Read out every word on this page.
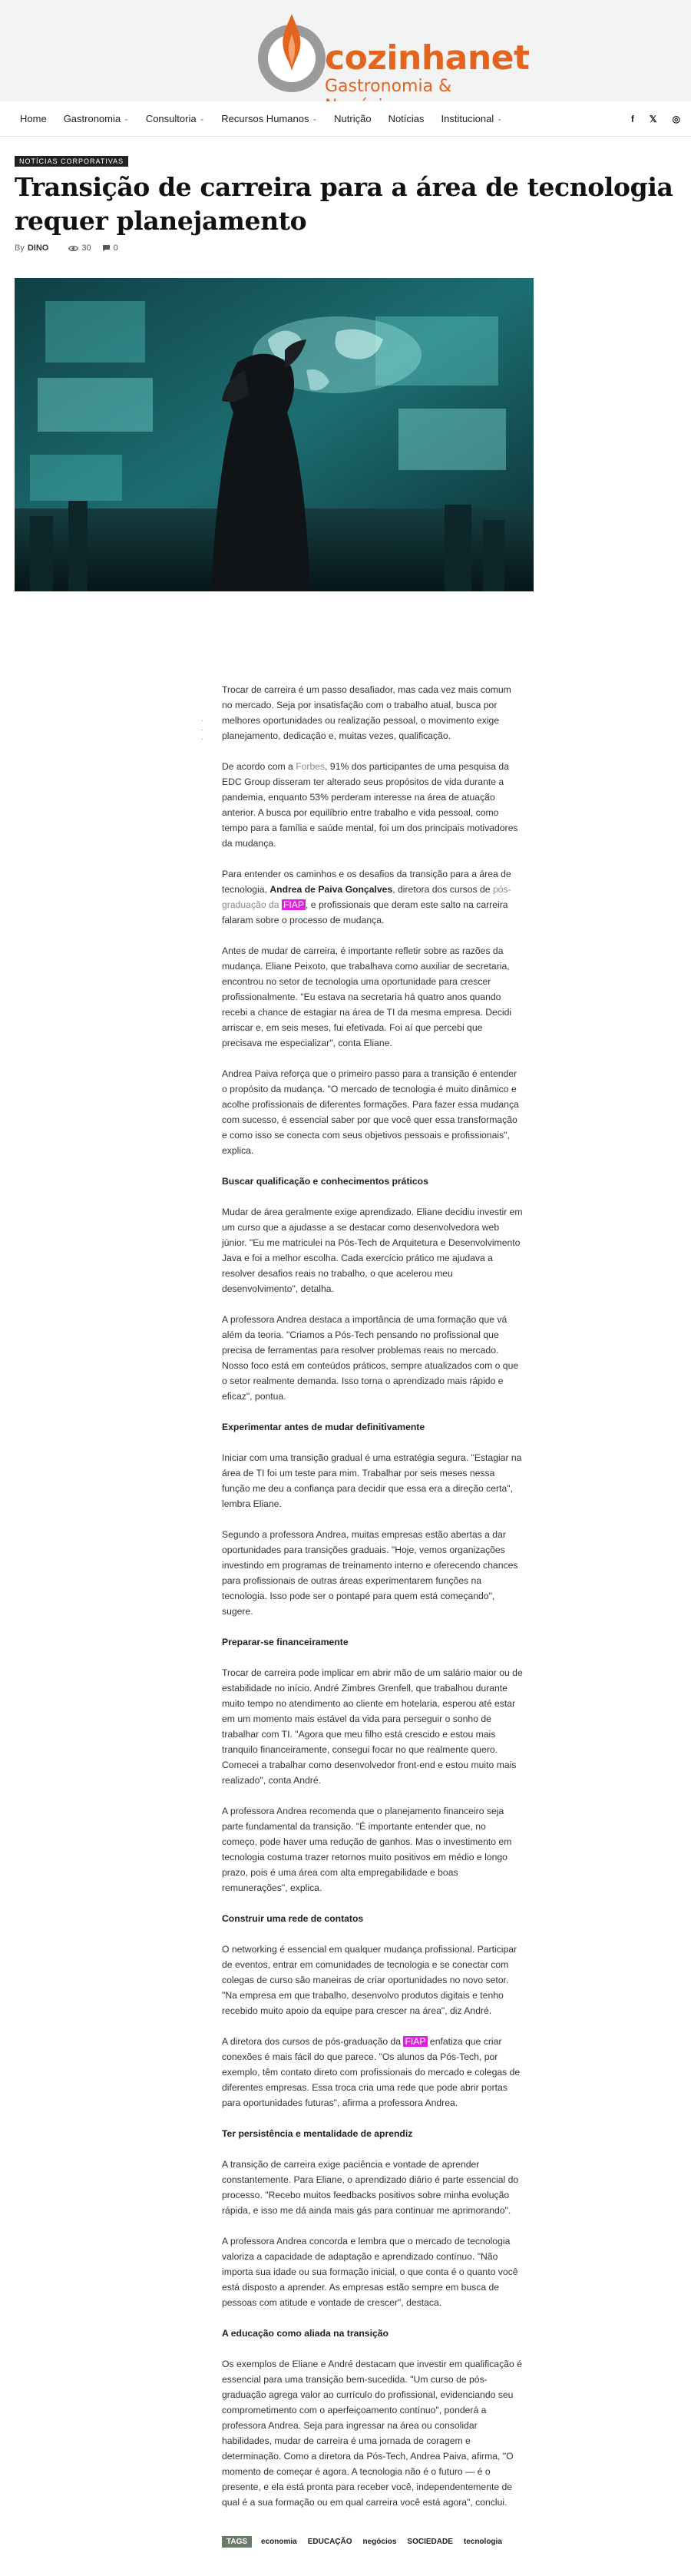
cozinhanet
Gastronomia &
Home Gastronomia ⌄ Consultoria ⌄ Recursos Humanos ⌄ Nutrição Notícias Institucional ⌄	f 𝕏 ◎
NOTÍCIAS CORPORATIVAS
Transição de carreira para a área de tecnologia requer planejamento
By DINO	30	0
·
·
·

Trocar de carreira é um passo desafiador, mas cada vez mais comum no mercado. Seja por insatisfação com o trabalho atual, busca por melhores oportunidades ou realização pessoal, o movimento exige planejamento, dedicação e, muitas vezes, qualificação.

De acordo com a Forbes, 91% dos participantes de uma pesquisa da EDC Group disseram ter alterado seus propósitos de vida durante a pandemia, enquanto 53% perderam interesse na área de atuação anterior. A busca por equilíbrio entre trabalho e vida pessoal, como tempo para a família e saúde mental, foi um dos principais motivadores da mudança.

Para entender os caminhos e os desafios da transição para a área de tecnologia, Andrea de Paiva Gonçalves, diretora dos cursos de pós-graduação da FIAP , e profissionais que deram este salto na carreira falaram sobre o processo de mudança.

Antes de mudar de carreira, é importante refletir sobre as razões da mudança. Eliane Peixoto, que trabalhava como auxiliar de secretaria, encontrou no setor de tecnologia uma oportunidade para crescer profissionalmente. "Eu estava na secretaria há quatro anos quando recebi a chance de estagiar na área de TI da mesma empresa. Decidi arriscar e, em seis meses, fui efetivada. Foi aí que percebi que precisava me especializar", conta Eliane.

Andrea Paiva reforça que o primeiro passo para a transição é entender o propósito da mudança. "O mercado de tecnologia é muito dinâmico e acolhe profissionais de diferentes formações. Para fazer essa mudança com sucesso, é essencial saber por que você quer essa transformação e como isso se conecta com seus objetivos pessoais e profissionais", explica.

Buscar qualificação e conhecimentos práticos

Mudar de área geralmente exige aprendizado. Eliane decidiu investir em um curso que a ajudasse a se destacar como desenvolvedora web júnior. "Eu me matriculei na Pós-Tech de Arquitetura e Desenvolvimento Java e foi a melhor escolha. Cada exercício prático me ajudava a resolver desafios reais no trabalho, o que acelerou meu desenvolvimento", detalha.

A professora Andrea destaca a importância de uma formação que vá além da teoria. "Criamos a Pós-Tech pensando no profissional que precisa de ferramentas para resolver problemas reais no mercado. Nosso foco está em conteúdos práticos, sempre atualizados com o que o setor realmente demanda. Isso torna o aprendizado mais rápido e eficaz", pontua.

Experimentar antes de mudar definitivamente

Iniciar com uma transição gradual é uma estratégia segura. "Estagiar na área de TI foi um teste para mim. Trabalhar por seis meses nessa função me deu a confiança para decidir que essa era a direção certa", lembra Eliane.

Segundo a professora Andrea, muitas empresas estão abertas a dar oportunidades para transições graduais. "Hoje, vemos organizações investindo em programas de treinamento interno e oferecendo chances para profissionais de outras áreas experimentarem funções na tecnologia. Isso pode ser o pontapé para quem está começando", sugere.

Preparar-se financeiramente

Trocar de carreira pode implicar em abrir mão de um salário maior ou de estabilidade no início. André Zimbres Grenfell, que trabalhou durante muito tempo no atendimento ao cliente em hotelaria, esperou até estar em um momento mais estável da vida para perseguir o sonho de trabalhar com TI. "Agora que meu filho está crescido e estou mais tranquilo financeiramente, consegui focar no que realmente quero. Comecei a trabalhar como desenvolvedor front-end e estou muito mais realizado", conta André.

A professora Andrea recomenda que o planejamento financeiro seja parte fundamental da transição. "É importante entender que, no começo, pode haver uma redução de ganhos. Mas o investimento em tecnologia costuma trazer retornos muito positivos em médio e longo prazo, pois é uma área com alta empregabilidade e boas remunerações", explica.

Construir uma rede de contatos

O networking é essencial em qualquer mudança profissional. Participar de eventos, entrar em comunidades de tecnologia e se conectar com colegas de curso são maneiras de criar oportunidades no novo setor. "Na empresa em que trabalho, desenvolvo produtos digitais e tenho recebido muito apoio da equipe para crescer na área", diz André.

A diretora dos cursos de pós-graduação da FIAP enfatiza que criar conexões é mais fácil do que parece. "Os alunos da Pós-Tech, por exemplo, têm contato direto com profissionais do mercado e colegas de diferentes empresas. Essa troca cria uma rede que pode abrir portas para oportunidades futuras", afirma a professora Andrea.

Ter persistência e mentalidade de aprendiz

A transição de carreira exige paciência e vontade de aprender constantemente. Para Eliane, o aprendizado diário é parte essencial do processo. "Recebo muitos feedbacks positivos sobre minha evolução rápida, e isso me dá ainda mais gás para continuar me aprimorando".

A professora Andrea concorda e lembra que o mercado de tecnologia valoriza a capacidade de adaptação e aprendizado contínuo. "Não importa sua idade ou sua formação inicial, o que conta é o quanto você está disposto a aprender. As empresas estão sempre em busca de pessoas com atitude e vontade de crescer", destaca.

A educação como aliada na transição

Os exemplos de Eliane e André destacam que investir em qualificação é essencial para uma transição bem-sucedida. "Um curso de pós-graduação agrega valor ao currículo do profissional, evidenciando seu comprometimento com o aperfeiçoamento contínuo", ponderá a professora Andrea. Seja para ingressar na área ou consolidar habilidades, mudar de carreira é uma jornada de coragem e determinação. Como a diretora da Pós-Tech, Andrea Paiva, afirma, "O momento de começar é agora. A tecnologia não é o futuro — é o presente, e ela está pronta para receber você, independentemente de qual é a sua formação ou em qual carreira você está agora", conclui.

TAGS	economia EDUCAÇÃO negócios SOCIEDADE tecnologia
